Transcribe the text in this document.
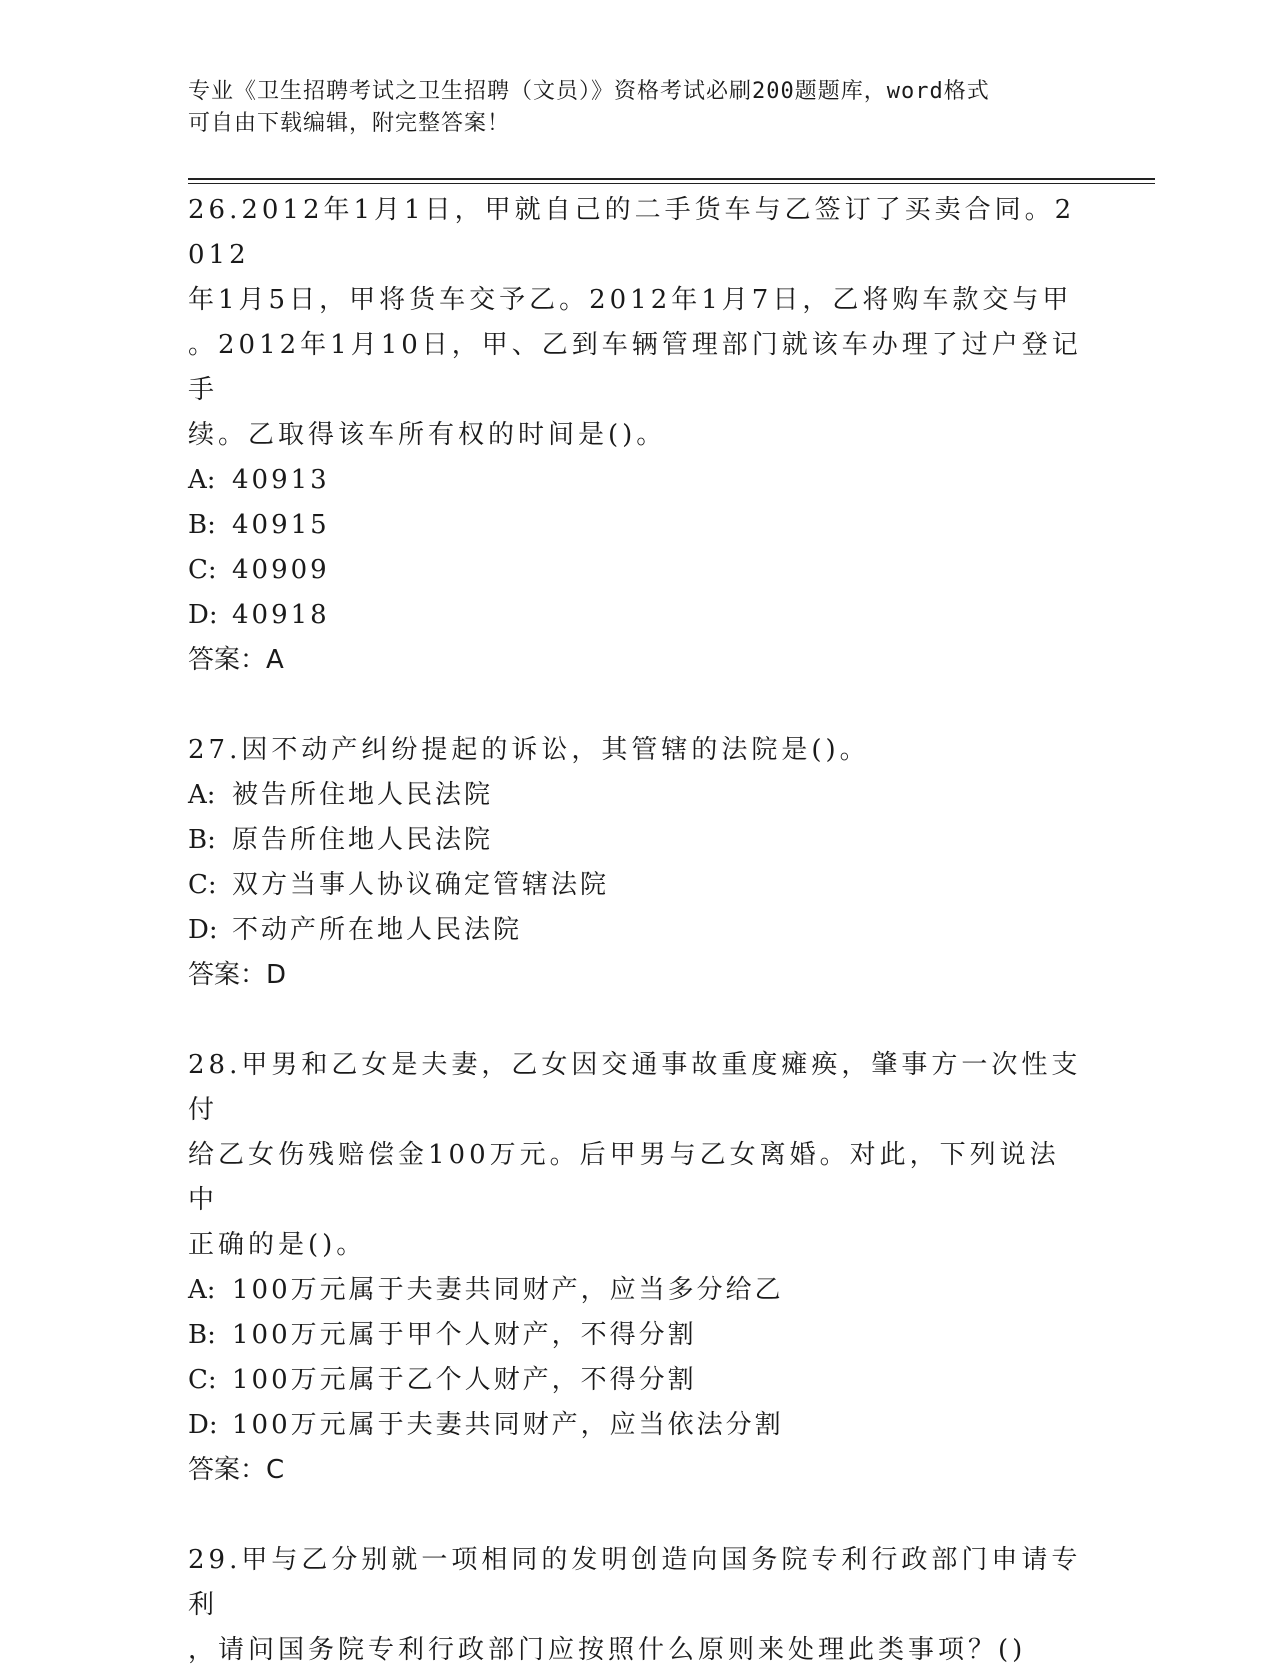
专业《卫生招聘考试之卫生招聘（文员）》资格考试必刷200题题库，word格式
可自由下载编辑，附完整答案！
26.2012年1月1日，甲就自己的二手货车与乙签订了买卖合同。2012
年1月5日，甲将货车交予乙。2012年1月7日，乙将购车款交与甲
。2012年1月10日，甲、乙到车辆管理部门就该车办理了过户登记手
续。乙取得该车所有权的时间是()。
A: 40913
B: 40915
C: 40909
D: 40918
答案：A
27.因不动产纠纷提起的诉讼，其管辖的法院是()。
A: 被告所住地人民法院
B: 原告所住地人民法院
C: 双方当事人协议确定管辖法院
D: 不动产所在地人民法院
答案：D
28.甲男和乙女是夫妻，乙女因交通事故重度瘫痪，肇事方一次性支付
给乙女伤残赔偿金100万元。后甲男与乙女离婚。对此，下列说法中
正确的是()。
A: 100万元属于夫妻共同财产，应当多分给乙
B: 100万元属于甲个人财产，不得分割
C: 100万元属于乙个人财产，不得分割
D: 100万元属于夫妻共同财产，应当依法分割
答案：C
29.甲与乙分别就一项相同的发明创造向国务院专利行政部门申请专利
，请问国务院专利行政部门应按照什么原则来处理此类事项？()
